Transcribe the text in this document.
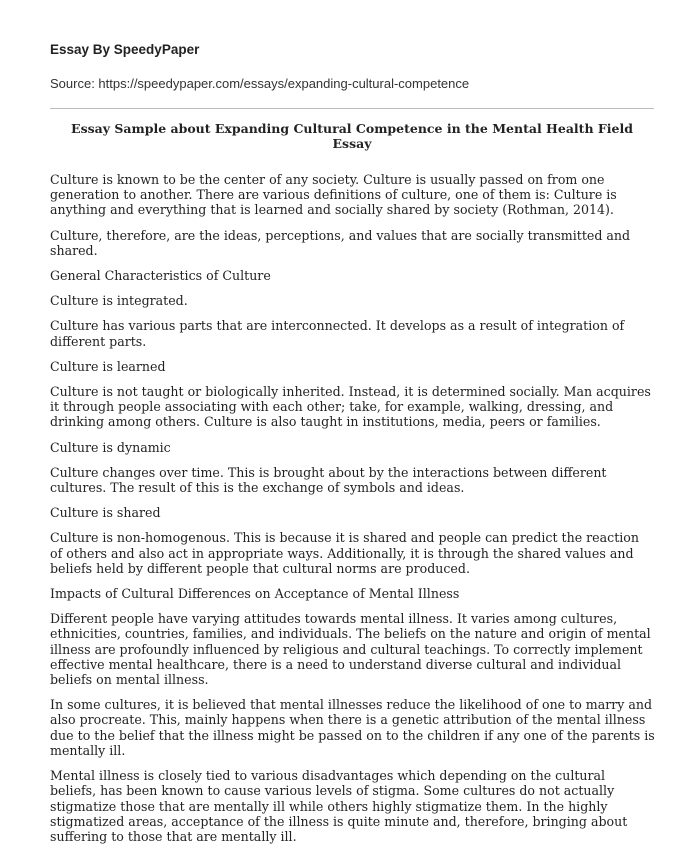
Essay By SpeedyPaper
Source: https://speedypaper.com/essays/expanding-cultural-competence
Essay Sample about Expanding Cultural Competence in the Mental Health Field Essay

Culture is known to be the center of any society. Culture is usually passed on from one generation to another. There are various definitions of culture, one of them is: Culture is anything and everything that is learned and socially shared by society (Rothman, 2014).

Culture, therefore, are the ideas, perceptions, and values that are socially transmitted and shared.

General Characteristics of Culture

Culture is integrated.

Culture has various parts that are interconnected. It develops as a result of integration of different parts.

Culture is learned

Culture is not taught or biologically inherited. Instead, it is determined socially. Man acquires it through people associating with each other; take, for example, walking, dressing, and drinking among others. Culture is also taught in institutions, media, peers or families.

Culture is dynamic

Culture changes over time. This is brought about by the interactions between different cultures. The result of this is the exchange of symbols and ideas.

Culture is shared

Culture is non-homogenous. This is because it is shared and people can predict the reaction of others and also act in appropriate ways. Additionally, it is through the shared values and beliefs held by different people that cultural norms are produced.

Impacts of Cultural Differences on Acceptance of Mental Illness

Different people have varying attitudes towards mental illness. It varies among cultures, ethnicities, countries, families, and individuals. The beliefs on the nature and origin of mental illness are profoundly influenced by religious and cultural teachings. To correctly implement effective mental healthcare, there is a need to understand diverse cultural and individual beliefs on mental illness.

In some cultures, it is believed that mental illnesses reduce the likelihood of one to marry and also procreate. This, mainly happens when there is a genetic attribution of the mental illness due to the belief that the illness might be passed on to the children if any one of the parents is mentally ill.

Mental illness is closely tied to various disadvantages which depending on the cultural beliefs, has been known to cause various levels of stigma. Some cultures do not actually stigmatize those that are mentally ill while others highly stigmatize them. In the highly stigmatized areas, acceptance of the illness is quite minute and, therefore, bringing about suffering to those that are mentally ill.
